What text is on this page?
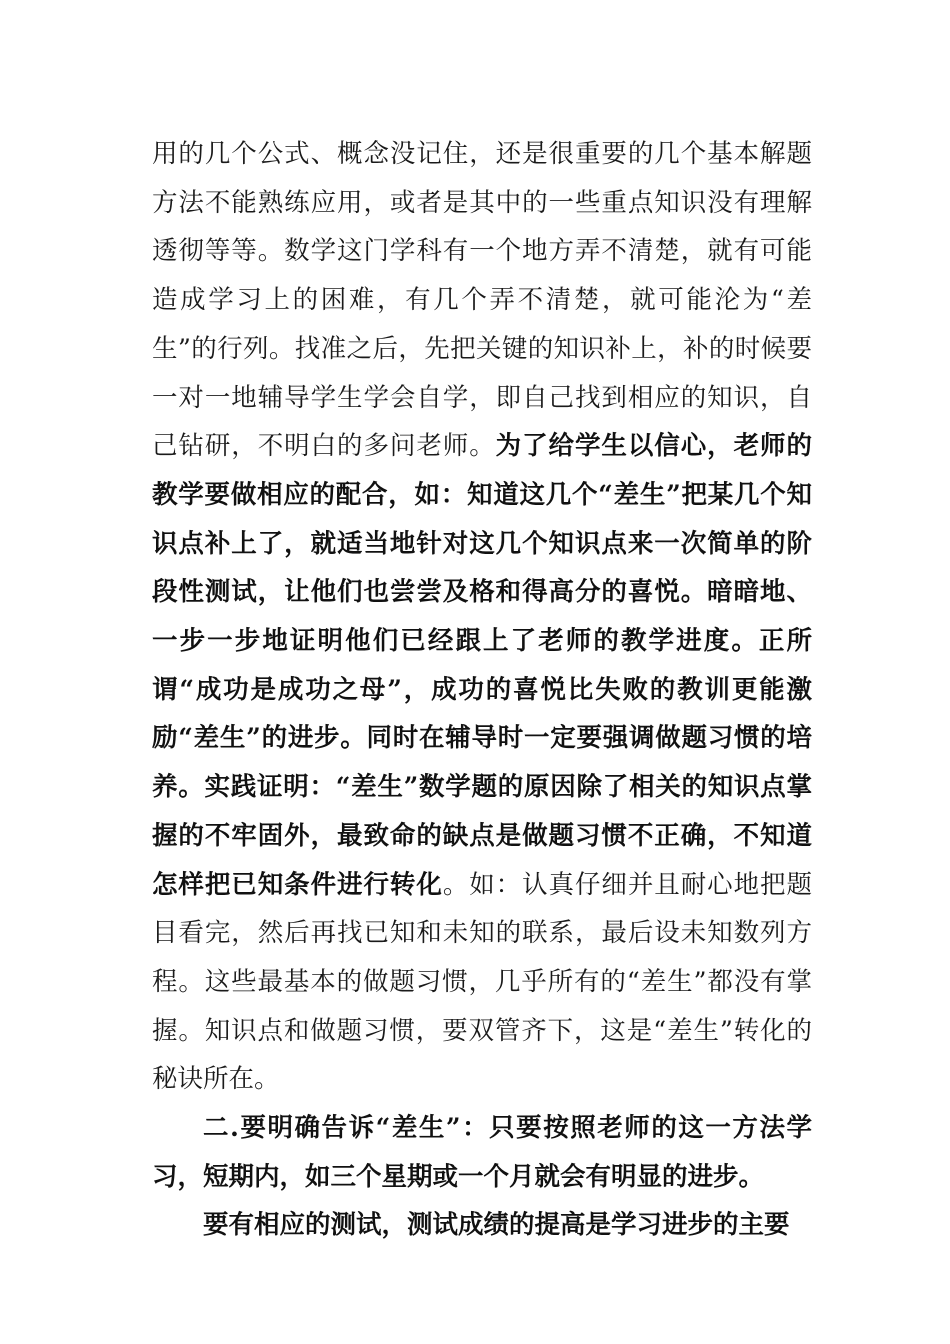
用的几个公式、概念没记住，还是很重要的几个基本解题方法不能熟练应用，或者是其中的一些重点知识没有理解透彻等等。数学这门学科有一个地方弄不清楚，就有可能造成学习上的困难，有几个弄不清楚，就可能沦为“差生”的行列。找准之后，先把关键的知识补上，补的时候要一对一地辅导学生学会自学，即自己找到相应的知识，自己钻研，不明白的多问老师。为了给学生以信心，老师的教学要做相应的配合，如：知道这几个“差生”把某几个知识点补上了，就适当地针对这几个知识点来一次简单的阶段性测试，让他们也尝尝及格和得高分的喜悦。暗暗地、一步一步地证明他们已经跟上了老师的教学进度。正所谓“成功是成功之母”，成功的喜悦比失败的教训更能激励“差生”的进步。同时在辅导时一定要强调做题习惯的培养。实践证明：“差生”数学题的原因除了相关的知识点掌握的不牢固外，最致命的缺点是做题习惯不正确，不知道怎样把已知条件进行转化。如：认真仔细并且耐心地把题目看完，然后再找已知和未知的联系，最后设未知数列方程。这些最基本的做题习惯，几乎所有的“差生”都没有掌握。知识点和做题习惯，要双管齐下，这是“差生”转化的秘诀所在。

二.要明确告诉“差生”：只要按照老师的这一方法学习，短期内，如三个星期或一个月就会有明显的进步。

要有相应的测试，测试成绩的提高是学习进步的主要
